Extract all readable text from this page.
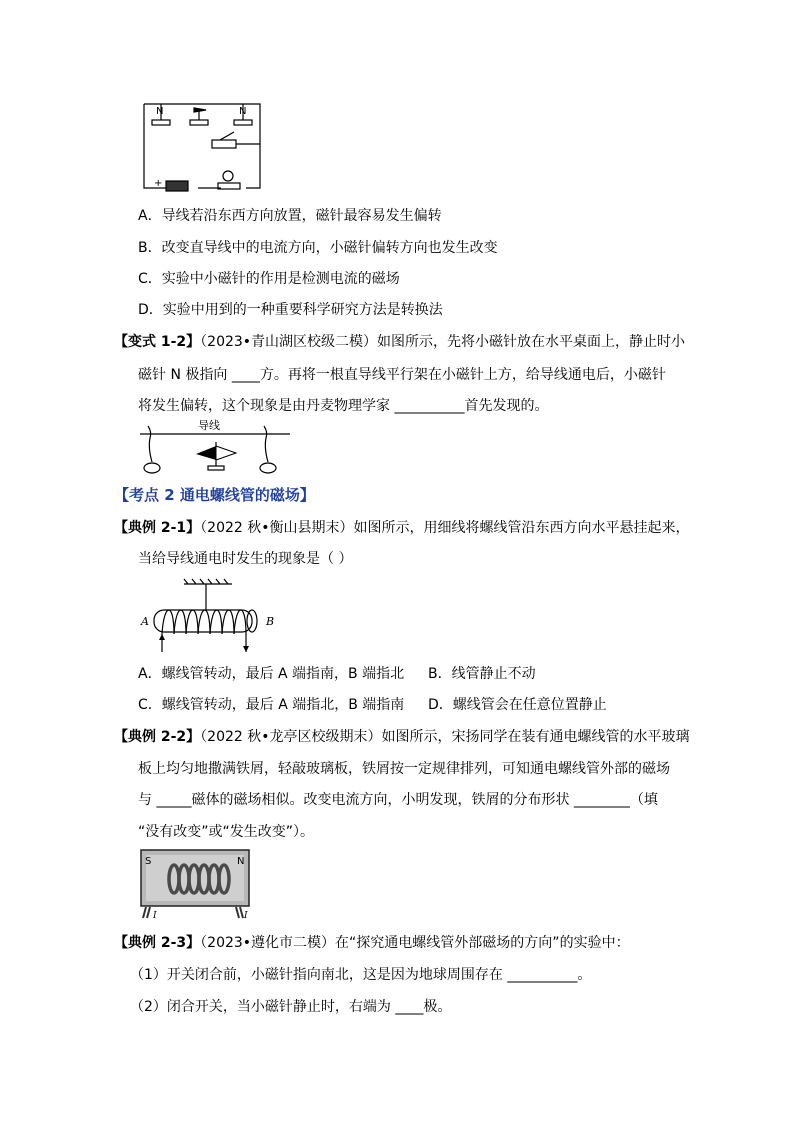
N	N
+
A．导线若沿东西方向放置，磁针最容易发生偏转
B．改变直导线中的电流方向，小磁针偏转方向也发生改变
C．实验中小磁针的作用是检测电流的磁场
D．实验中用到的一种重要科学研究方法是转换法
【变式 1-2】（2023•青山湖区校级二模）如图所示，先将小磁针放在水平桌面上，静止时小
磁针 N 极指向 ____方。再将一根直导线平行架在小磁针上方，给导线通电后，小磁针
将发生偏转，这个现象是由丹麦物理学家 __________首先发现的。
导线
【考点 2 通电螺线管的磁场】
【典例 2-1】（2022 秋•衡山县期末）如图所示，用细线将螺线管沿东西方向水平悬挂起来，
当给导线通电时发生的现象是（ ）
A	B
A．螺线管转动，最后 A 端指南，B 端指北 B．线管静止不动
C．螺线管转动，最后 A 端指北，B 端指南 D．螺线管会在任意位置静止
【典例 2-2】（2022 秋•龙亭区校级期末）如图所示，宋扬同学在装有通电螺线管的水平玻璃
板上均匀地撒满铁屑，轻敲玻璃板，铁屑按一定规律排列，可知通电螺线管外部的磁场
与 _____磁体的磁场相似。改变电流方向，小明发现，铁屑的分布形状 ________（填
“没有改变”或“发生改变”）。
S	N
I	I
【典例 2-3】（2023•遵化市二模）在“探究通电螺线管外部磁场的方向”的实验中：
（1）开关闭合前，小磁针指向南北，这是因为地球周围存在 __________。
（2）闭合开关，当小磁针静止时，右端为 ____极。
